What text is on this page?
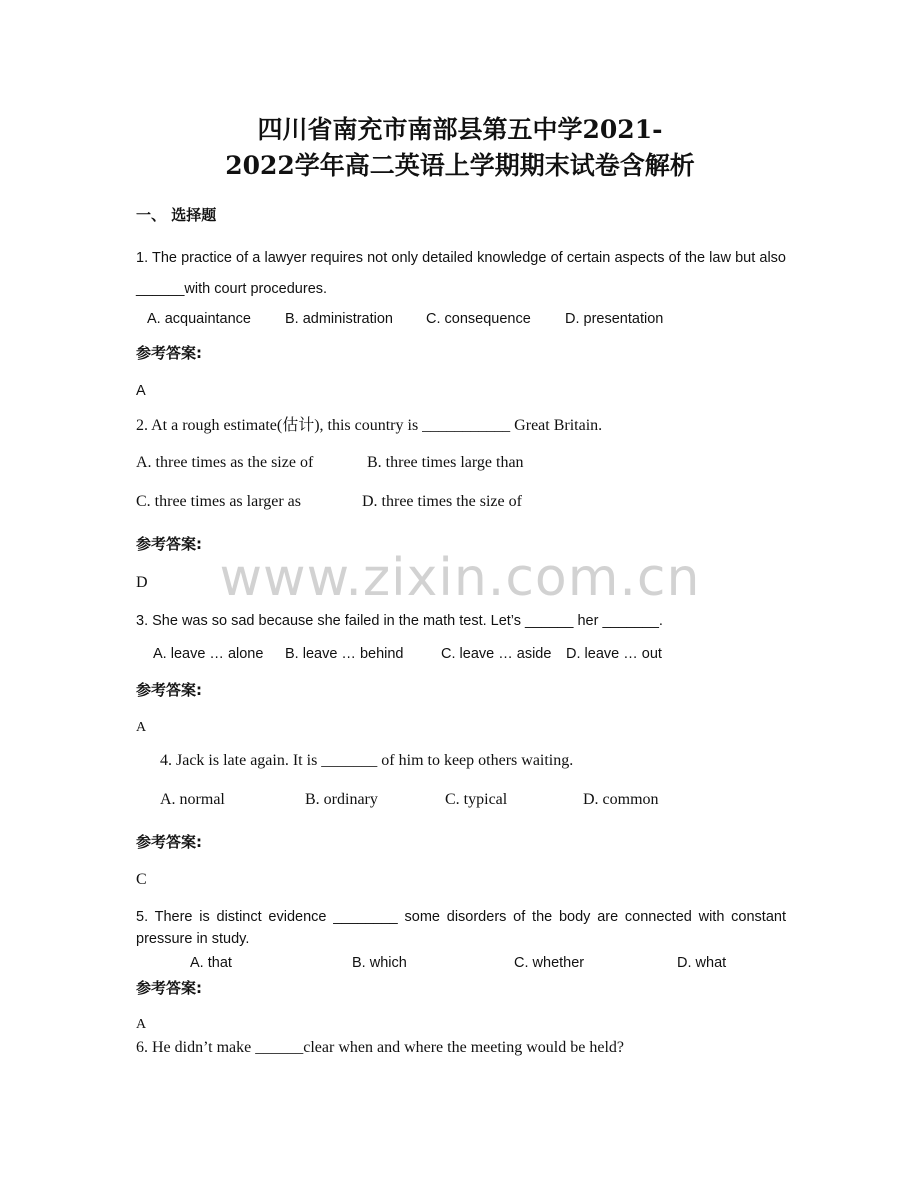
四川省南充市南部县第五中学2021-
2022学年高二英语上学期期末试卷含解析
一、 选择题
1. The practice of a lawyer requires not only detailed knowledge of certain aspects of the law but also ______with court procedures.
A. acquaintance B. administration C. consequence D. presentation
参考答案:
A
2. At a rough estimate(估计), this country is ___________ Great Britain.
A. three times as the size of	B. three times large than
C. three times as larger as	D. three times the size of
参考答案:
D	www.zixin.com.cn
3. She was so sad because she failed in the math test. Let’s ______ her _______.
A. leave … alone B. leave … behind	C. leave … aside D. leave … out
参考答案:
A
4. Jack is late again. It is _______ of him to keep others waiting.
A. normal	B. ordinary	C. typical	D. common
参考答案:
C
5. There is distinct evidence ________ some disorders of the body are connected with constant pressure in study.
A. that	B. which	C. whether	D. what
参考答案:
A
6. He didn’t make ______clear when and where the meeting would be held?
